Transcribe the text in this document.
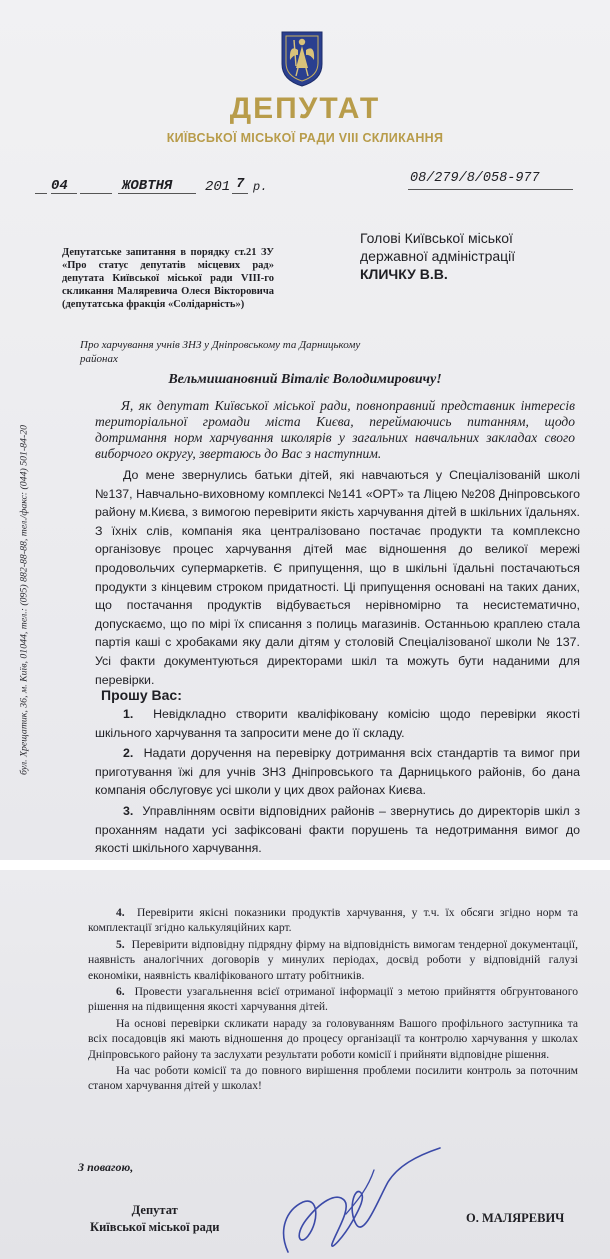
ДЕПУТАТ
КИЇВСЬКОЇ МІСЬКОЇ РАДИ VIII СКЛИКАННЯ
04	ЖОВТНЯ 201 7 р.
08/279/8/058-977
Депутатське запитання в порядку ст.21 ЗУ «Про статус депутатів місцевих рад» депутата Київської міської ради VIII-го скликання Маляревича Олеся Вікторовича (депутатська фракція «Солідарність»)
Голові Київської міської
державної адміністрації
КЛИЧКУ В.В.
Про харчування учнів ЗНЗ у Дніпровському та Дарницькому районах
Вельмишановний Віталіє Володимировичу!
Я, як депутат Київської міської ради, повноправний представник інтересів територіальної громади міста Києва, переймаючись питанням, щодо дотримання норм харчування школярів у загальних навчальних закладах свого виборчого округу, звертаюсь до Вас з наступним.
До мене звернулись батьки дітей, які навчаються у Спеціалізованій школі №137, Навчально-виховному комплексі №141 «ОРТ» та Ліцею №208 Дніпровського району м.Києва, з вимогою перевірити якість харчування дітей в шкільних їдальнях. З їхніх слів, компанія яка централізовано постачає продукти та комплексно організовує процес харчування дітей має відношення до великої мережі продовольчих супермаркетів. Є припущення, що в шкільні їдальні постачаються продукти з кінцевим строком придатності. Ці припущення основані на таких даних, що постачання продуктів відбувається нерівномірно та несистематично, допускаємо, що по мірі їх списання з полиць магазинів. Останньою краплею стала партія каші с хробаками яку дали дітям у столовій Спеціалізованої школи № 137. Усі факти документуються директорами шкіл та можуть бути наданими для перевірки.
Прошу Вас:

1. Невідкладно створити кваліфіковану комісію щодо перевірки якості шкільного харчування та запросити мене до її складу.

2. Надати доручення на перевірку дотримання всіх стандартів та вимог при приготування їжі для учнів ЗНЗ Дніпровського та Дарницького районів, бо дана компанія обслуговує усі школи у цих двох районах Києва.

3. Управлінням освіти відповідних районів – звернутись до директорів шкіл з проханням надати усі зафіксовані факти порушень та недотримання вимог до якості шкільного харчування.

бул. Хрещатик, 36, м. Київ, 01044, тел.: (095) 882-88-88, тел./факс: (044) 501-84-20

4. Перевірити якісні показники продуктів харчування, у т.ч. їх обсяги згідно норм та комплектації згідно калькуляційних карт.

5. Перевірити відповідну підрядну фірму на відповідність вимогам тендерної документації, наявність аналогічних договорів у минулих періодах, досвід роботи у відповідній галузі економіки, наявність кваліфікованого штату робітників.

6. Провести узагальнення всієї отриманої інформації з метою прийняття обгрунтованого рішення на підвищення якості харчування дітей.

На основі перевірки скликати нараду за головуванням Вашого профільного заступника та всіх посадовців які мають відношення до процесу організації та контролю харчування у школах Дніпровського району та заслухати результати роботи комісії і прийняти відповідне рішення.

На час роботи комісії та до повного вирішення проблеми посилити контроль за поточним станом харчування дітей у школах!

З повагою,
Депутат
Київської міської ради
О. МАЛЯРЕВИЧ
